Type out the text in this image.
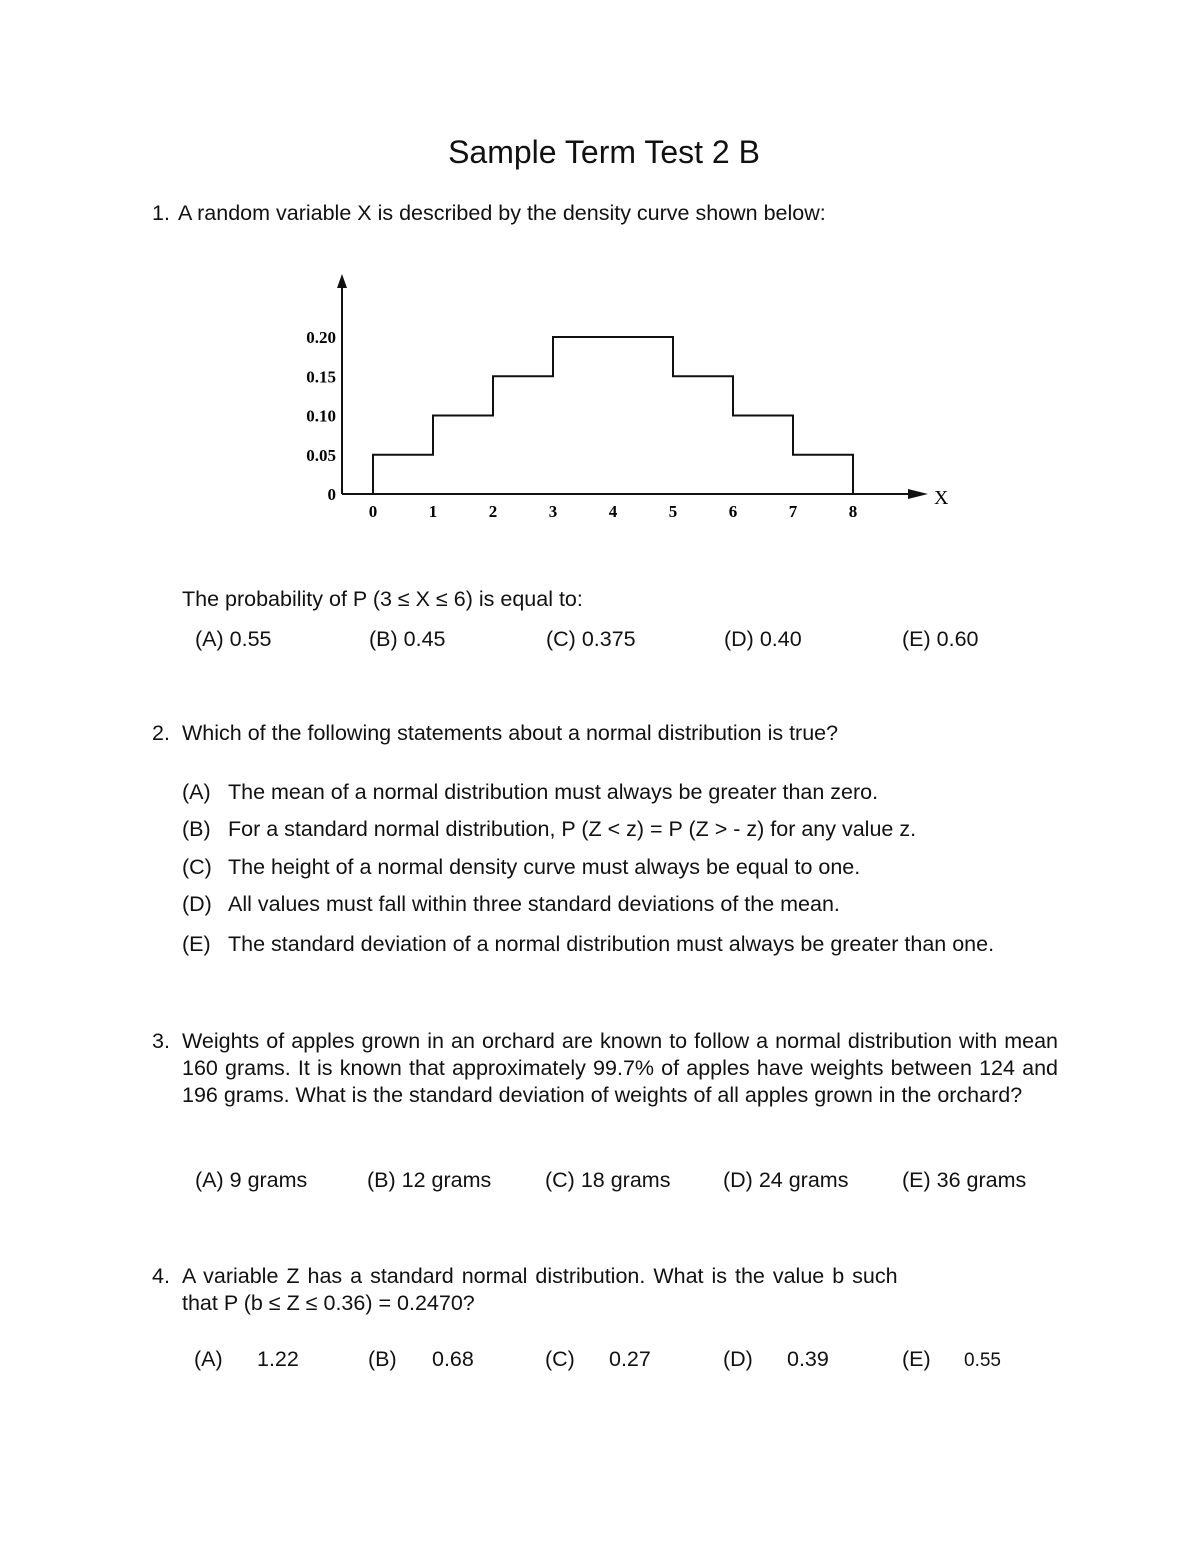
Sample Term Test 2 B
1. A random variable X is described by the density curve shown below:
X
0	1	2	3	4	5	6	7	8
0
0.05
0.10
0.15
0.20
The probability of P (3 ≤ X ≤ 6) is equal to:
(A) 0.55	(B) 0.45	(C) 0.375	(D) 0.40	(E) 0.60
2. Which of the following statements about a normal distribution is true?
(A) The mean of a normal distribution must always be greater than zero.
(B) For a standard normal distribution, P (Z < z) = P (Z > - z) for any value z.
(C) The height of a normal density curve must always be equal to one.
(D) All values must fall within three standard deviations of the mean.
(E) The standard deviation of a normal distribution must always be greater than one.
3. Weights of apples grown in an orchard are known to follow a normal distribution with mean 160 grams. It is known that approximately 99.7% of apples have weights between 124 and 196 grams. What is the standard deviation of weights of all apples grown in the orchard?
(A) 9 grams	(B) 12 grams (C) 18 grams (D) 24 grams (E) 36 grams
4. A variable Z has a standard normal distribution. What is the value b such
that P (b ≤ Z ≤ 0.36) = 0.2470?
(A) 1.22	(B) 0.68	(C) 0.27	(D) 0.39	(E) 0.55
